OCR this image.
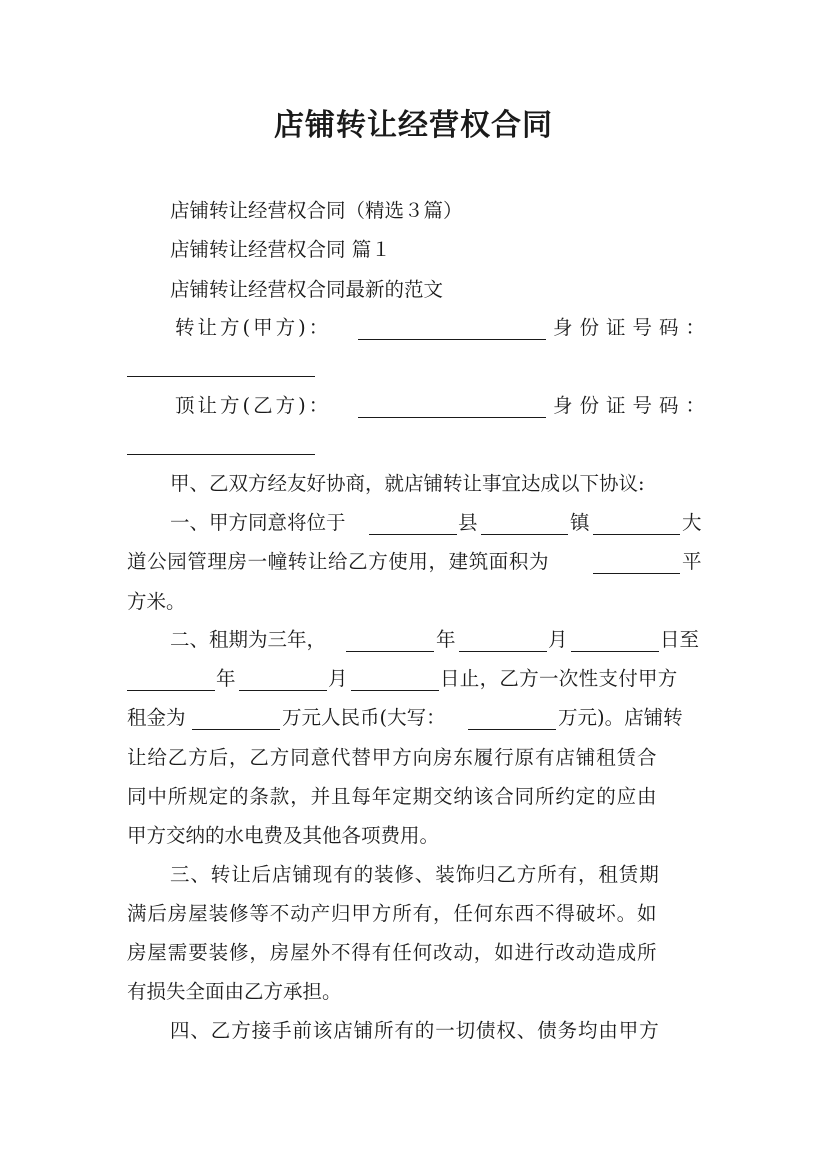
店铺转让经营权合同
店铺转让经营权合同（精选３篇）
店铺转让经营权合同 篇１
店铺转让经营权合同最新的范文
转让方(甲方)：	身份证号码：
顶让方(乙方)：	身份证号码：
甲、乙双方经友好协商，就店铺转让事宜达成以下协议:
一、甲方同意将位于	县	镇	大
道公园管理房一幢转让给乙方使用，建筑面积为	平
方米。
二、租期为三年，	年	月	日至
年	月	日止，乙方一次性支付甲方
租金为	万元人民币(大写：	万元)。店铺转
让给乙方后，乙方同意代替甲方向房东履行原有店铺租赁合
同中所规定的条款，并且每年定期交纳该合同所约定的应由
甲方交纳的水电费及其他各项费用。
三、转让后店铺现有的装修、装饰归乙方所有，租赁期
满后房屋装修等不动产归甲方所有，任何东西不得破坏。如
房屋需要装修，房屋外不得有任何改动，如进行改动造成所
有损失全面由乙方承担。
四、乙方接手前该店铺所有的一切债权、债务均由甲方
